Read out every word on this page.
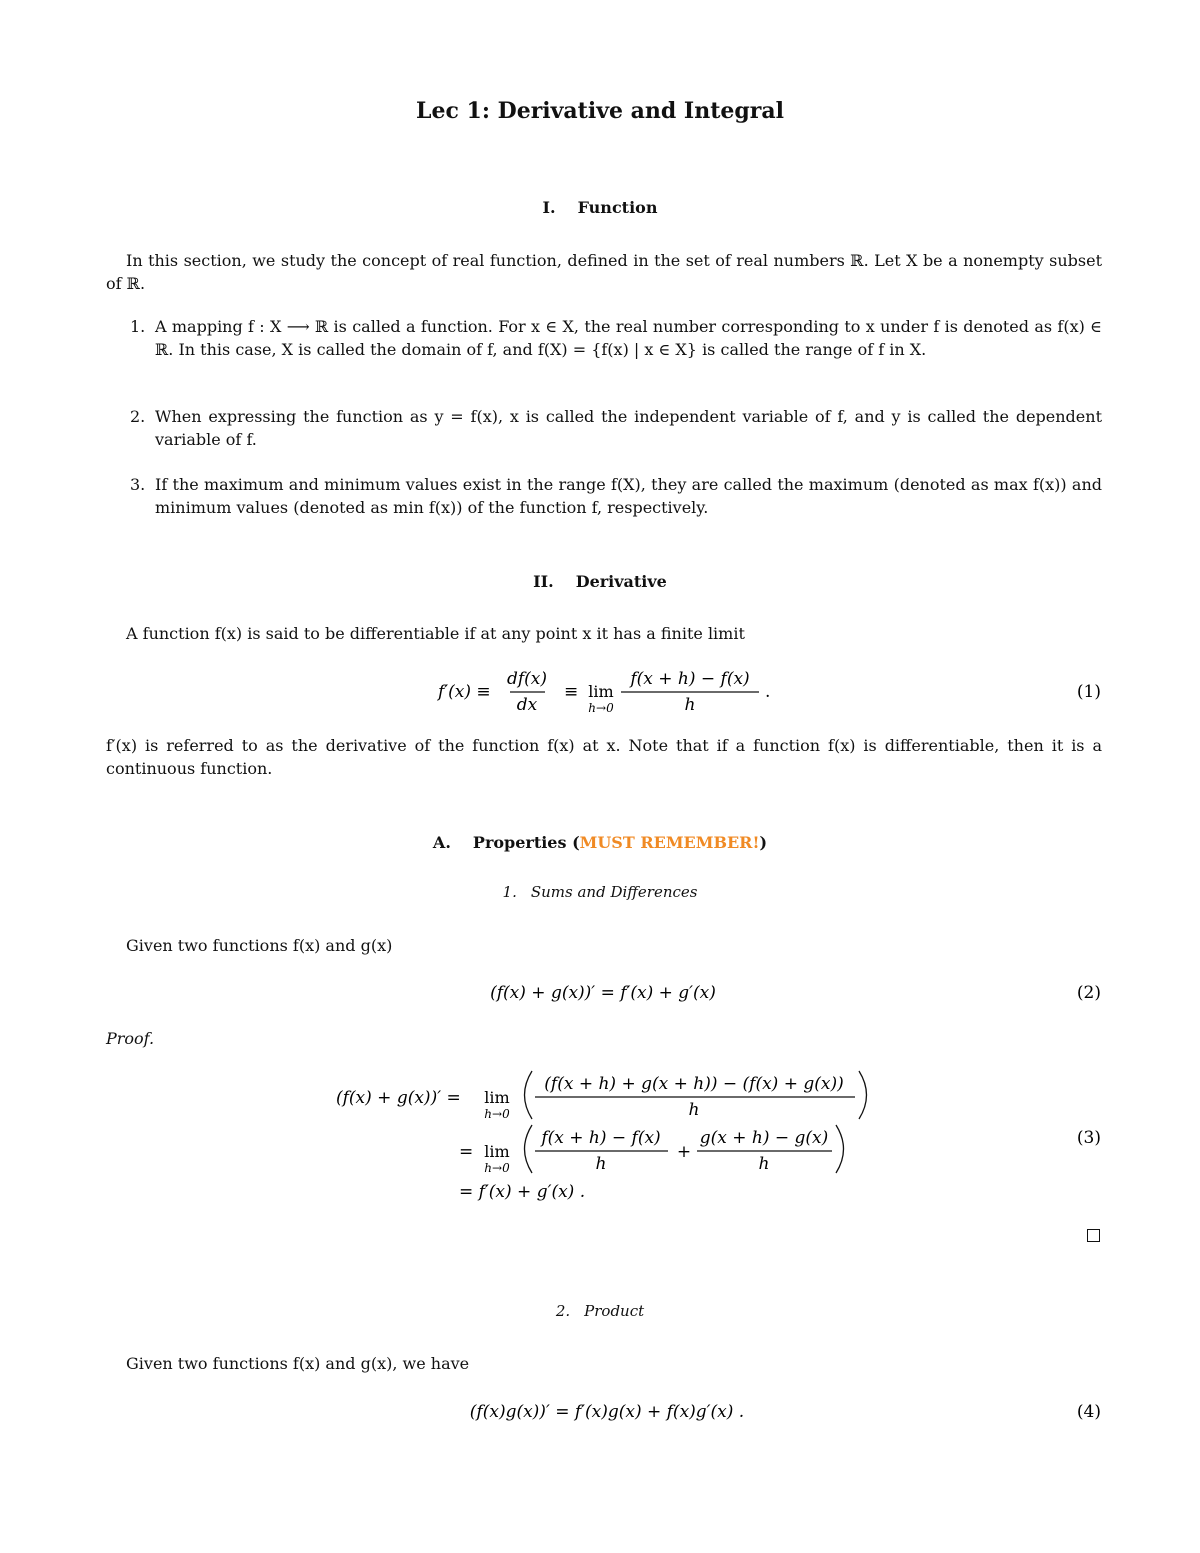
Lec 1: Derivative and Integral
I. Function
In this section, we study the concept of real function, defined in the set of real numbers ℝ. Let X be a nonempty subset of ℝ.
1. A mapping f : X ⟶ ℝ is called a function. For x ∈ X, the real number corresponding to x under f is denoted as f(x) ∈ ℝ. In this case, X is called the domain of f, and f(X) = {f(x) | x ∈ X} is called the range of f in X.
2. When expressing the function as y = f(x), x is called the independent variable of f, and y is called the dependent variable of f.
3. If the maximum and minimum values exist in the range f(X), they are called the maximum (denoted as max f(x)) and minimum values (denoted as min f(x)) of the function f, respectively.
II. Derivative
A function f(x) is said to be differentiable if at any point x it has a finite limit
f′(x) ≡
df(x)
dx
≡ lim
h→0
f(x + h) − f(x)
h
.	(1)
f′(x) is referred to as the derivative of the function f(x) at x. Note that if a function f(x) is differentiable, then it is a continuous function.
A. Properties (MUST REMEMBER!)
1. Sums and Differences
Given two functions f(x) and g(x)
(f(x) + g(x))′ = f′(x) + g′(x)	(2)
Proof.
(f(x) + g(x))′ = lim
h→0
(f(x + h) + g(x + h)) − (f(x) + g(x))
h
= lim
h→0
f(x + h) − f(x)
h
+
g(x + h) − g(x)
h
(3)
= f′(x) + g′(x) .
2. Product
Given two functions f(x) and g(x), we have
(f(x)g(x))′ = f′(x)g(x) + f(x)g′(x) .	(4)
